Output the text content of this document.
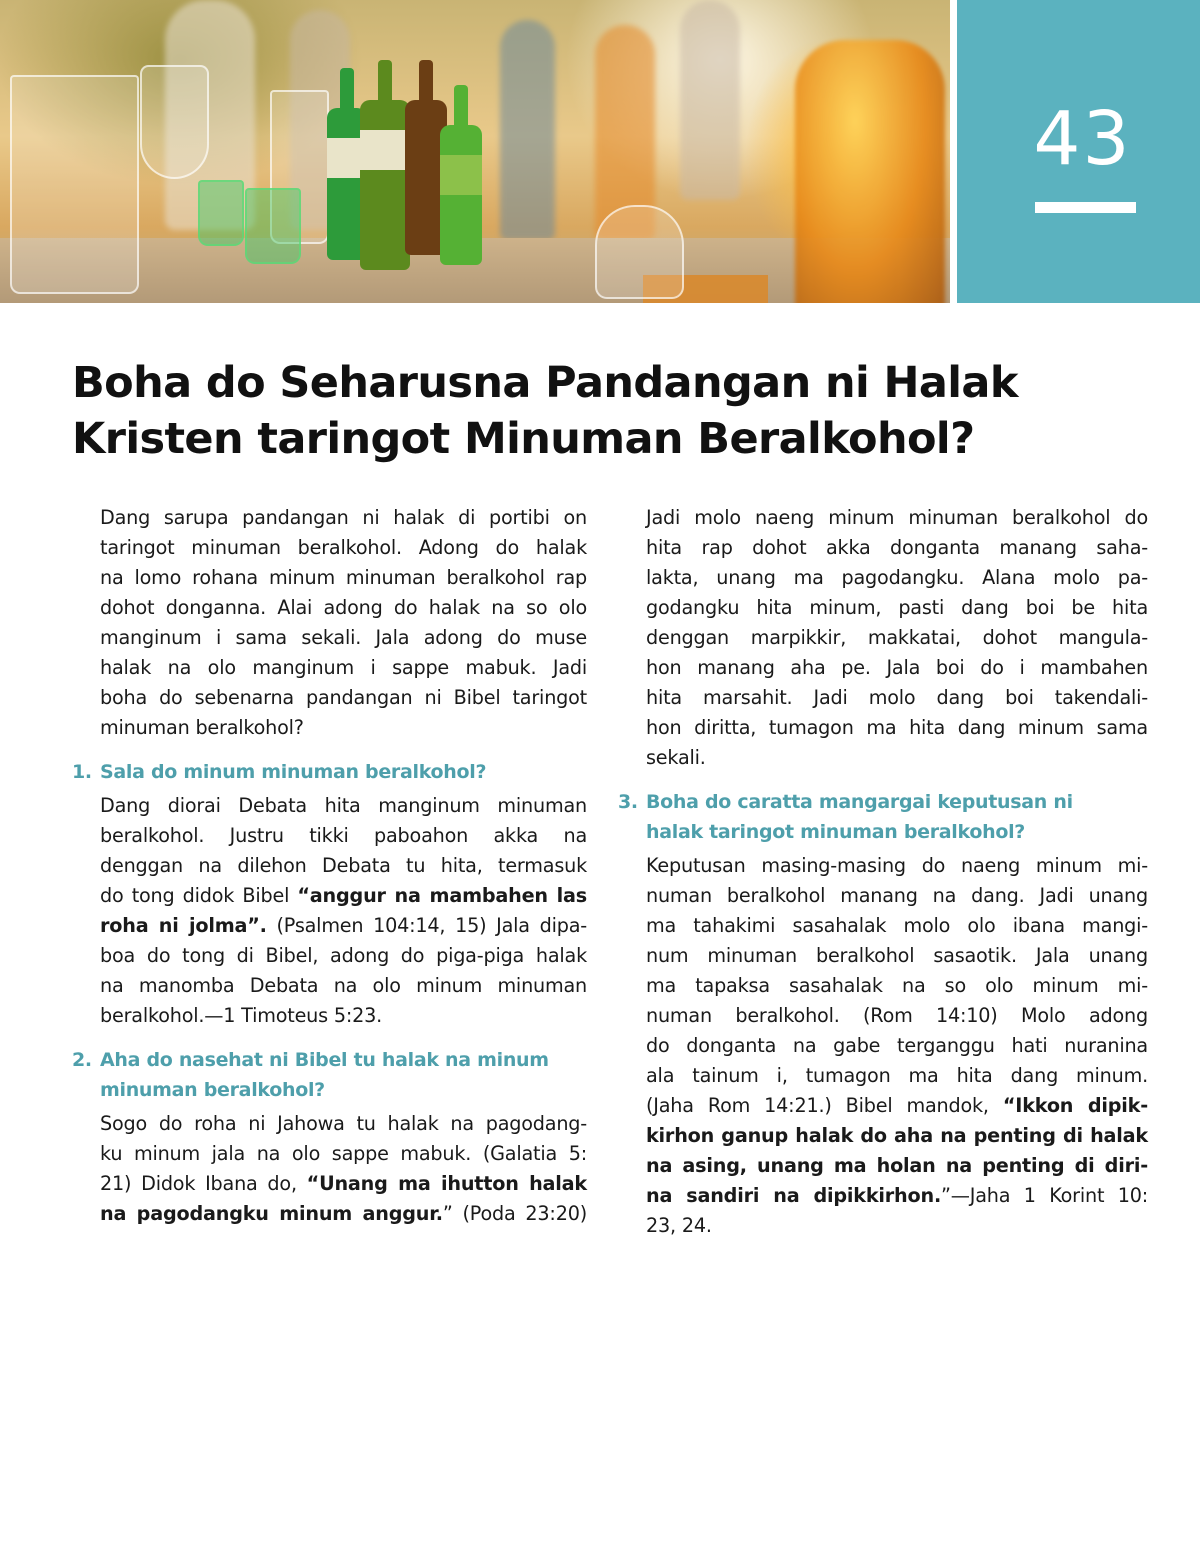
43
Boha do Seharusna Pandangan ni Halak
Kristen taringot Minuman Beralkohol?

Dang sarupa pandangan ni halak di portibi on
taringot minuman beralkohol. Adong do halak
na lomo rohana minum minuman beralkohol rap
dohot donganna. Alai adong do halak na so olo
manginum i sama sekali. Jala adong do muse
halak na olo manginum i sappe mabuk. Jadi
boha do sebenarna pandangan ni Bibel taringot
minuman beralkohol?

1. Sala do minum minuman beralkohol?

Dang diorai Debata hita manginum minuman
beralkohol. Justru tikki paboahon akka na
denggan na dilehon Debata tu hita, termasuk
do tong didok Bibel “anggur na mambahen las
roha ni jolma”. (Psalmen 104:14, 15) Jala dipa-
boa do tong di Bibel, adong do piga-piga halak
na manomba Debata na olo minum minuman
beralkohol.—1 Timoteus 5:23.

2. Aha do nasehat ni Bibel tu halak na minum
minuman beralkohol?

Sogo do roha ni Jahowa tu halak na pagodang-
ku minum jala na olo sappe mabuk. (Galatia 5:
21) Didok Ibana do, “Unang ma ihutton halak
na pagodangku minum anggur.” (Poda 23:20)

Jadi molo naeng minum minuman beralkohol do
hita rap dohot akka donganta manang saha-
lakta, unang ma pagodangku. Alana molo pa-
godangku hita minum, pasti dang boi be hita
denggan marpikkir, makkatai, dohot mangula-
hon manang aha pe. Jala boi do i mambahen
hita marsahit. Jadi molo dang boi takendali-
hon diritta, tumagon ma hita dang minum sama
sekali.

3. Boha do caratta mangargai keputusan ni
halak taringot minuman beralkohol?

Keputusan masing-masing do naeng minum mi-
numan beralkohol manang na dang. Jadi unang
ma tahakimi sasahalak molo olo ibana mangi-
num minuman beralkohol sasaotik. Jala unang
ma tapaksa sasahalak na so olo minum mi-
numan beralkohol. (Rom 14:10) Molo adong
do donganta na gabe terganggu hati nuranina
ala tainum i, tumagon ma hita dang minum.
(Jaha Rom 14:21.) Bibel mandok, “Ikkon dipik-
kirhon ganup halak do aha na penting di halak
na asing, unang ma holan na penting di diri-
na sandiri na dipikkirhon.”—Jaha 1 Korint 10:
23, 24.
